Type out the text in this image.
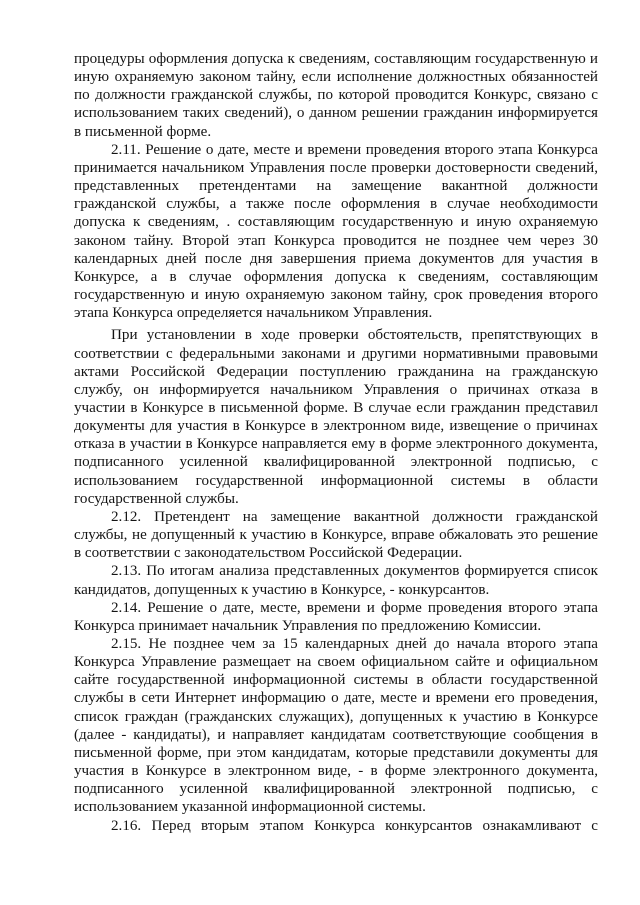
процедуры оформления допуска к сведениям, составляющим государственную и иную охраняемую законом тайну, если исполнение должностных обязанностей по должности гражданской службы, по которой проводится Конкурс, связано с использованием таких сведений), о данном решении гражданин информируется в письменной форме.

2.11. Решение о дате, месте и времени проведения второго этапа Конкурса принимается начальником Управления после проверки достоверности сведений, представленных претендентами на замещение вакантной должности гражданской службы, а также после оформления в случае необходимости допуска к сведениям, . составляющим государственную и иную охраняемую законом тайну. Второй этап Конкурса проводится не позднее чем через 30 календарных дней после дня завершения приема документов для участия в Конкурсе, а в случае оформления допуска к сведениям, составляющим государственную и иную охраняемую законом тайну, срок проведения второго этапа Конкурса определяется начальником Управления.

При установлении в ходе проверки обстоятельств, препятствующих в соответствии с федеральными законами и другими нормативными правовыми актами Российской Федерации поступлению гражданина на гражданскую службу, он информируется начальником Управления о причинах отказа в участии в Конкурсе в письменной форме. В случае если гражданин представил документы для участия в Конкурсе в электронном виде, извещение о причинах отказа в участии в Конкурсе направляется ему в форме электронного документа, подписанного усиленной квалифицированной электронной подписью, с использованием государственной информационной системы в области государственной службы.

2.12. Претендент на замещение вакантной должности гражданской службы, не допущенный к участию в Конкурсе, вправе обжаловать это решение в соответствии с законодательством Российской Федерации.

2.13. По итогам анализа представленных документов формируется список кандидатов, допущенных к участию в Конкурсе, - конкурсантов.

2.14. Решение о дате, месте, времени и форме проведения второго этапа Конкурса принимает начальник Управления по предложению Комиссии.

2.15. Не позднее чем за 15 календарных дней до начала второго этапа Конкурса Управление размещает на своем официальном сайте и официальном сайте государственной информационной системы в области государственной службы в сети Интернет информацию о дате, месте и времени его проведения, список граждан (гражданских служащих), допущенных к участию в Конкурсе (далее - кандидаты), и направляет кандидатам соответствующие сообщения в письменной форме, при этом кандидатам, которые представили документы для участия в Конкурсе в электронном виде, - в форме электронного документа, подписанного усиленной квалифицированной электронной подписью, с использованием указанной информационной системы.

2.16. Перед вторым этапом Конкурса конкурсантов ознакамливают с
